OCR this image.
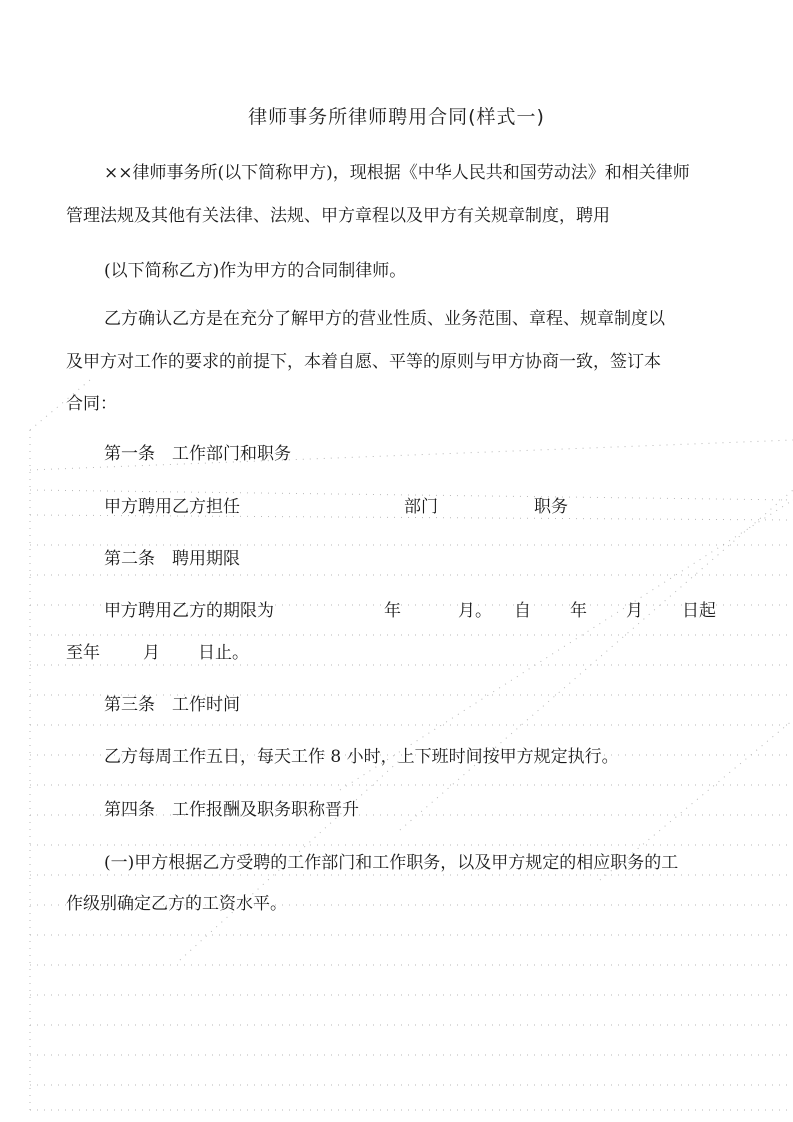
律师事务所律师聘用合同(样式一)
××律师事务所(以下简称甲方)，现根据《中华人民共和国劳动法》和相关律师
管理法规及其他有关法律、法规、甲方章程以及甲方有关规章制度，聘用
(以下简称乙方)作为甲方的合同制律师。
乙方确认乙方是在充分了解甲方的营业性质、业务范围、章程、规章制度以
及甲方对工作的要求的前提下，本着自愿、平等的原则与甲方协商一致，签订本
合同：
第一条　工作部门和职务
甲方聘用乙方担任	部门	职务
第二条　聘用期限
甲方聘用乙方的期限为	年	月。 自 年 月 日起
至年	月 日止。
第三条　工作时间
乙方每周工作五日，每天工作 8 小时，上下班时间按甲方规定执行。
第四条　工作报酬及职务职称晋升
(一)甲方根据乙方受聘的工作部门和工作职务，以及甲方规定的相应职务的工
作级别确定乙方的工资水平。
